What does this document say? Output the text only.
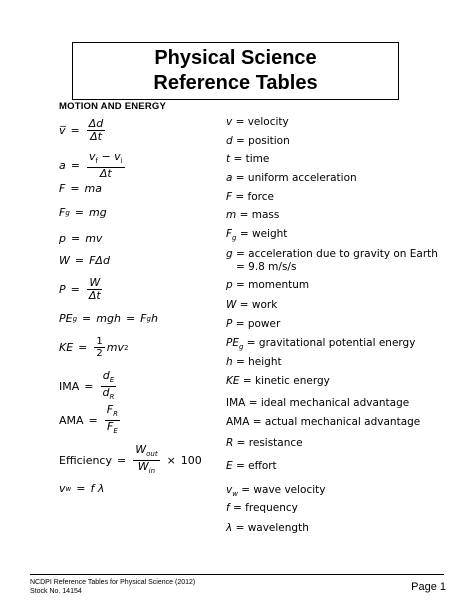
Physical Science
Reference Tables
MOTION AND ENERGY
v̅ = $\frac{\Delta d}{\Delta t}$
$a = \frac{v_f - v_i}{\Delta t}$
F = ma
F g = mg
p = mv
W = FΔd
$P = \frac{W}{\Delta t}$
PE g = mgh = F g h
KE = $\frac{1}{2}$ mv 2
IMA = $\frac{d_E}{d_R}$
AMA = $\frac{F_R}{F_E}$
Efficiency = $\frac{W_{out}}{W_{in}} \times 100$
v w = f λ
v = velocity
d = position
t = time
a = uniform acceleration
F = force
m = mass
$F_g$ = weight
g = acceleration due to gravity on Earth
= 9.8 m/s/s
p = momentum
W = work
P = power
$PE_g$ = gravitational potential energy
h = height
KE = kinetic energy
IMA = ideal mechanical advantage
AMA = actual mechanical advantage
R = resistance
E = effort
$v_w$ = wave velocity
f = frequency
λ = wavelength
NCDPI Reference Tables for Physical Science (2012)
Stock No. 14154	Page 1
